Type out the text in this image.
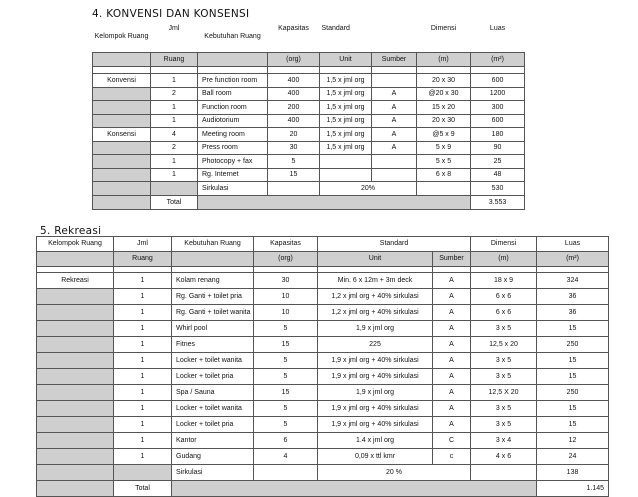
4. KONVENSI DAN KONSENSI
Kelompok Ruang	Jml	Kebutuhan Ruang	Kapasitas	Standard		Dimensi	Luas
	Ruang		(org)	Unit	Sumber	(m)	(m²)

Konvensi	1	Pre function room	400	1,5 x jml org		20 x 30	600
	2	Ball room	400	1,5 x jml org	A	@20 x 30	1200
	1	Function room	200	1,5 x jml org	A	15 x 20	300
	1	Audiotorium	400	1,5 x jml org	A	20 x 30	600
Konsensi	4	Meeting room	20	1,5 x jml org	A	@5 x 9	180
	2	Press room	30	1,5 x jml org	A	5 x 9	90
	1	Photocopy + fax	5			5 x 5	25
	1	Rg. Internet	15			6 x 8	48
		Sirkulasi		20%			530
	Total						3.553
5. Rekreasi
Kelompok Ruang	Jml	Kebutuhan Ruang	Kapasitas	Standard		Dimensi	Luas
	Ruang		(org)	Unit	Sumber	(m)	(m²)

Rekreasi	1	Kolam renang	30	Min. 6 x 12m + 3m deck	A	18 x 9	324
	1	Rg. Ganti + toilet pria	10	1,2 x jml org + 40% sirkulasi	A	6 x 6	36
	1	Rg. Ganti + toilet wanita	10	1,2 x jml org + 40% sirkulasi	A	6 x 6	36
	1	Whirl pool	5	1,9 x jml org	A	3 x 5	15
	1	Fitnes	15	225	A	12,5 x 20	250
	1	Locker + toilet wanita	5	1,9 x jml org + 40% sirkulasi	A	3 x 5	15
	1	Locker + toilet pria	5	1,9 x jml org + 40% sirkulasi	A	3 x 5	15
	1	Spa / Sauna	15	1,9 x jml org	A	12,5 X 20	250
	1	Locker + toilet wanita	5	1,9 x jml org + 40% sirkulasi	A	3 x 5	15
	1	Locker + toilet pria	5	1,9 x jml org + 40% sirkulasi	A	3 x 5	15
	1	Kantor	6	1.4 x jml org	C	3 x 4	12
	1	Gudang	4	0,09 x ttl kmr	c	4 x 6	24
		Sirkulasi		20 %			138
	Total						1.145
